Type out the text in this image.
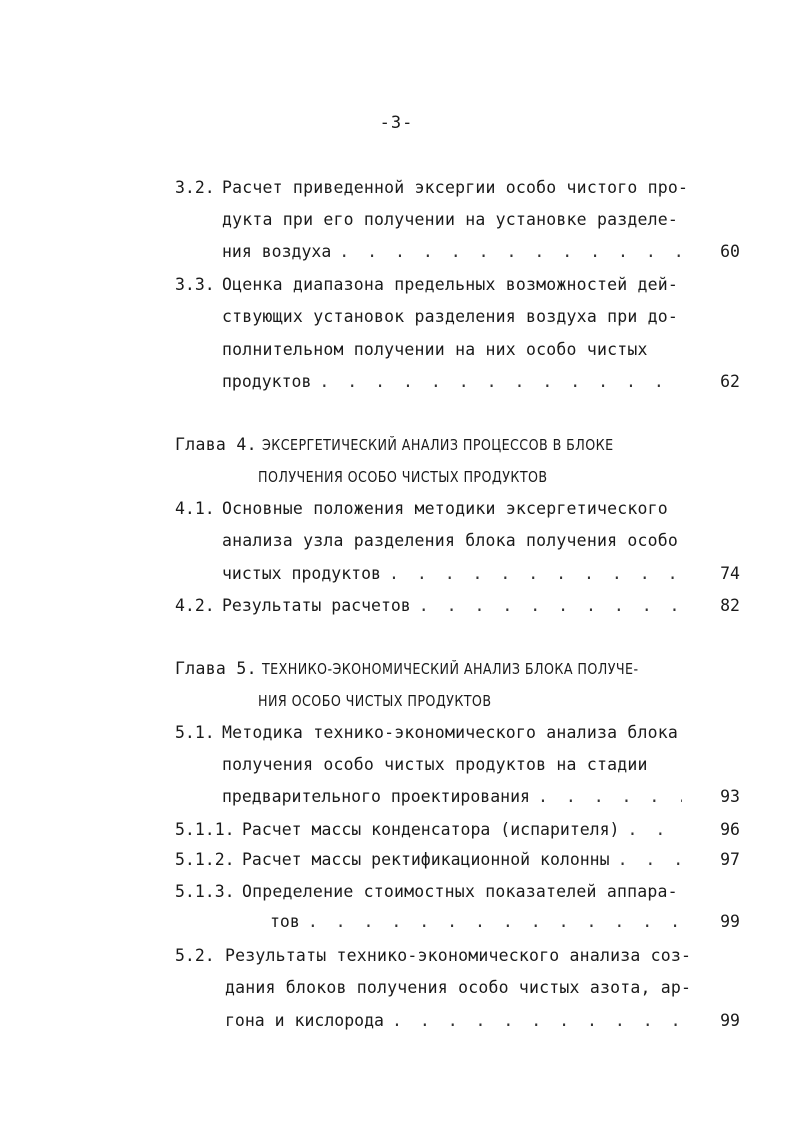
-3-
3.2. Расчет приведенной эксергии особо чистого про-
дукта при его получении на установке разделе-
ния воздуха . . .	60
3.3. Оценка диапазона предельных возможностей дей-
ствующих установок разделения воздуха при до-
полнительном получении на них особо чистых
продуктов . . .	62
Глава 4. ЭКСЕРГЕТИЧЕСКИЙ АНАЛИЗ ПРОЦЕССОВ В БЛОКЕ
ПОЛУЧЕНИЯ ОСОБО ЧИСТЫХ ПРОДУКТОВ
4.1. Основные положения методики эксергетического
анализа узла разделения блока получения особо
чистых продуктов . . .	74
4.2. Результаты расчетов . . .	82
Глава 5. ТЕХНИКО-ЭКОНОМИЧЕСКИЙ АНАЛИЗ БЛОКА ПОЛУЧЕ-
НИЯ ОСОБО ЧИСТЫХ ПРОДУКТОВ
5.1. Методика технико-экономического анализа блока
получения особо чистых продуктов на стадии
предварительного проектирования . . .	93
5.1.1. Расчет массы конденсатора (испарителя) . . .	96
5.1.2. Расчет массы ректификационной колонны . . .	97
5.1.3. Определение стоимостных показателей аппара-
тов . . .	99
5.2. Результаты технико-экономического анализа соз-
дания блоков получения особо чистых азота, ар-
гона и кислорода . . .	99
